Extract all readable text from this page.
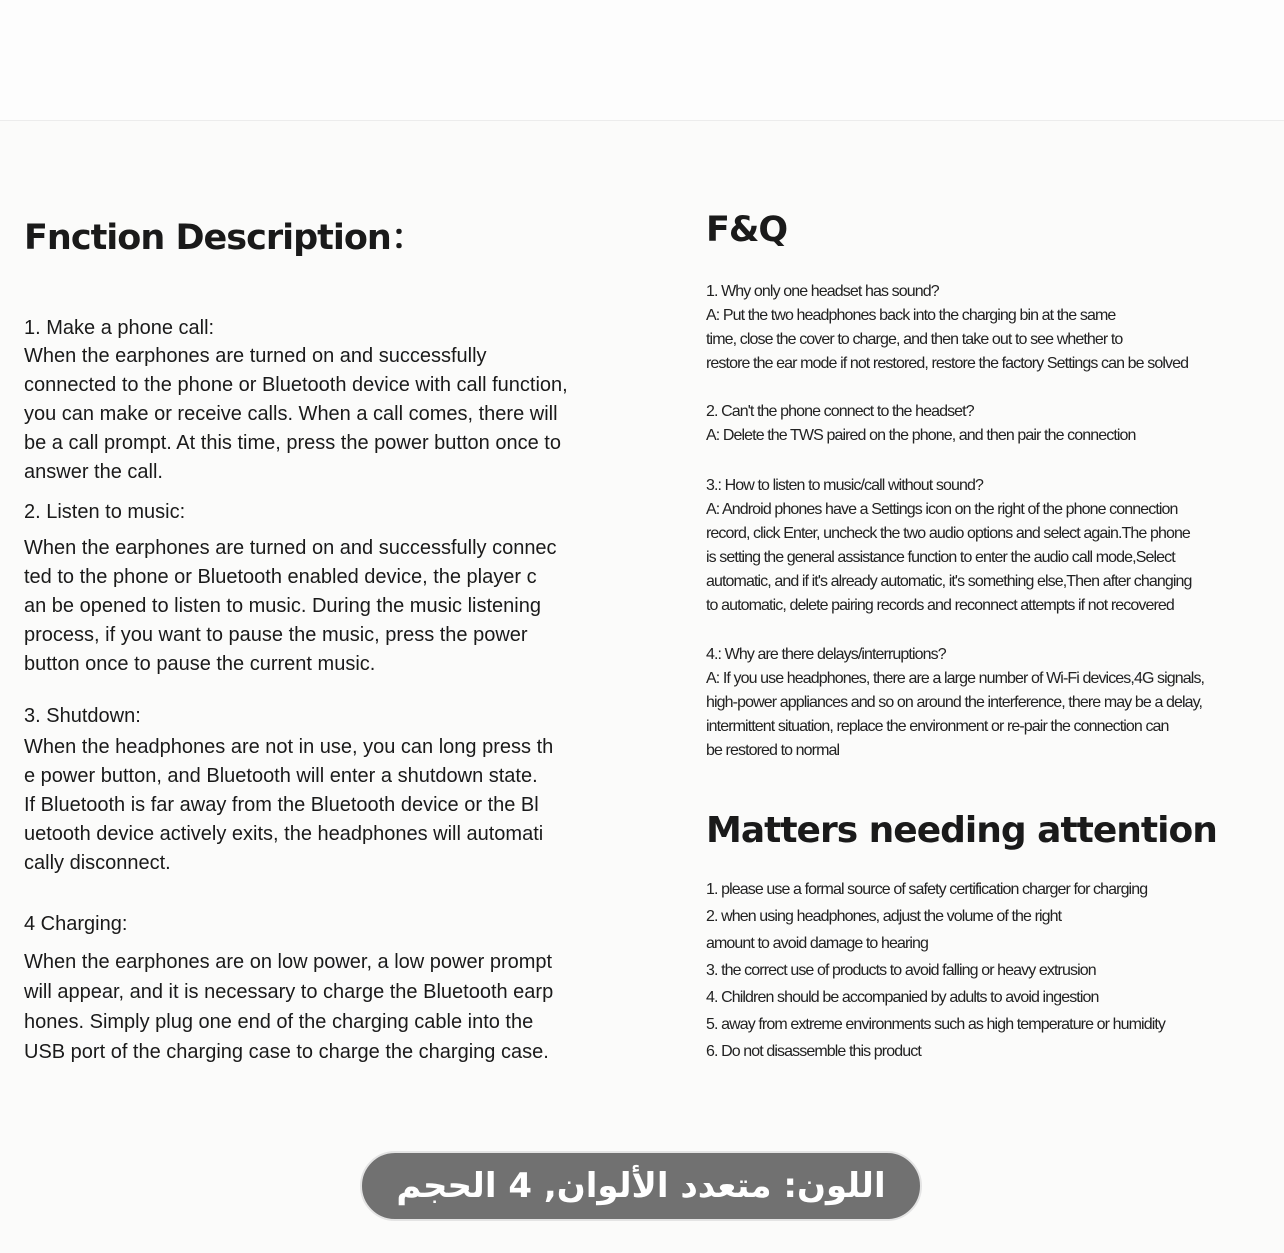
Fnction Description：
1. Make a phone call:
When the earphones are turned on and successfully
connected to the phone or Bluetooth device with call function,
you can make or receive calls. When a call comes, there will
be a call prompt. At this time, press the power button once to
answer the call.
2. Listen to music:
When the earphones are turned on and successfully connec
ted to the phone or Bluetooth enabled device, the player c
an be opened to listen to music. During the music listening
process, if you want to pause the music, press the power
button once to pause the current music.
3. Shutdown:
When the headphones are not in use, you can long press th
e power button, and Bluetooth will enter a shutdown state.
If Bluetooth is far away from the Bluetooth device or the Bl
uetooth device actively exits, the headphones will automati
cally disconnect.
4 Charging:
When the earphones are on low power, a low power prompt
will appear, and it is necessary to charge the Bluetooth earp
hones. Simply plug one end of the charging cable into the
USB port of the charging case to charge the charging case.
F&Q
1. Why only one headset has sound?
A: Put the two headphones back into the charging bin at the same
time, close the cover to charge, and then take out to see whether to
restore the ear mode if not restored, restore the factory Settings can be solved
2. Can't the phone connect to the headset?
A: Delete the TWS paired on the phone, and then pair the connection
3.: How to listen to music/call without sound?
A: Android phones have a Settings icon on the right of the phone connection
record, click Enter, uncheck the two audio options and select again.The phone
is setting the general assistance function to enter the audio call mode,Select
automatic, and if it's already automatic, it's something else,Then after changing
to automatic, delete pairing records and reconnect attempts if not recovered
4.: Why are there delays/interruptions?
A: If you use headphones, there are a large number of Wi-Fi devices,4G signals,
high-power appliances and so on around the interference, there may be a delay,
intermittent situation, replace the environment or re-pair the connection can
be restored to normal
Matters needing attention
1. please use a formal source of safety certification charger for charging
2. when using headphones, adjust the volume of the right
amount to avoid damage to hearing
3. the correct use of products to avoid falling or heavy extrusion
4. Children should be accompanied by adults to avoid ingestion
5. away from extreme environments such as high temperature or humidity
6. Do not disassemble this product
اللون: متعدد الألوان, 4 الحجم
